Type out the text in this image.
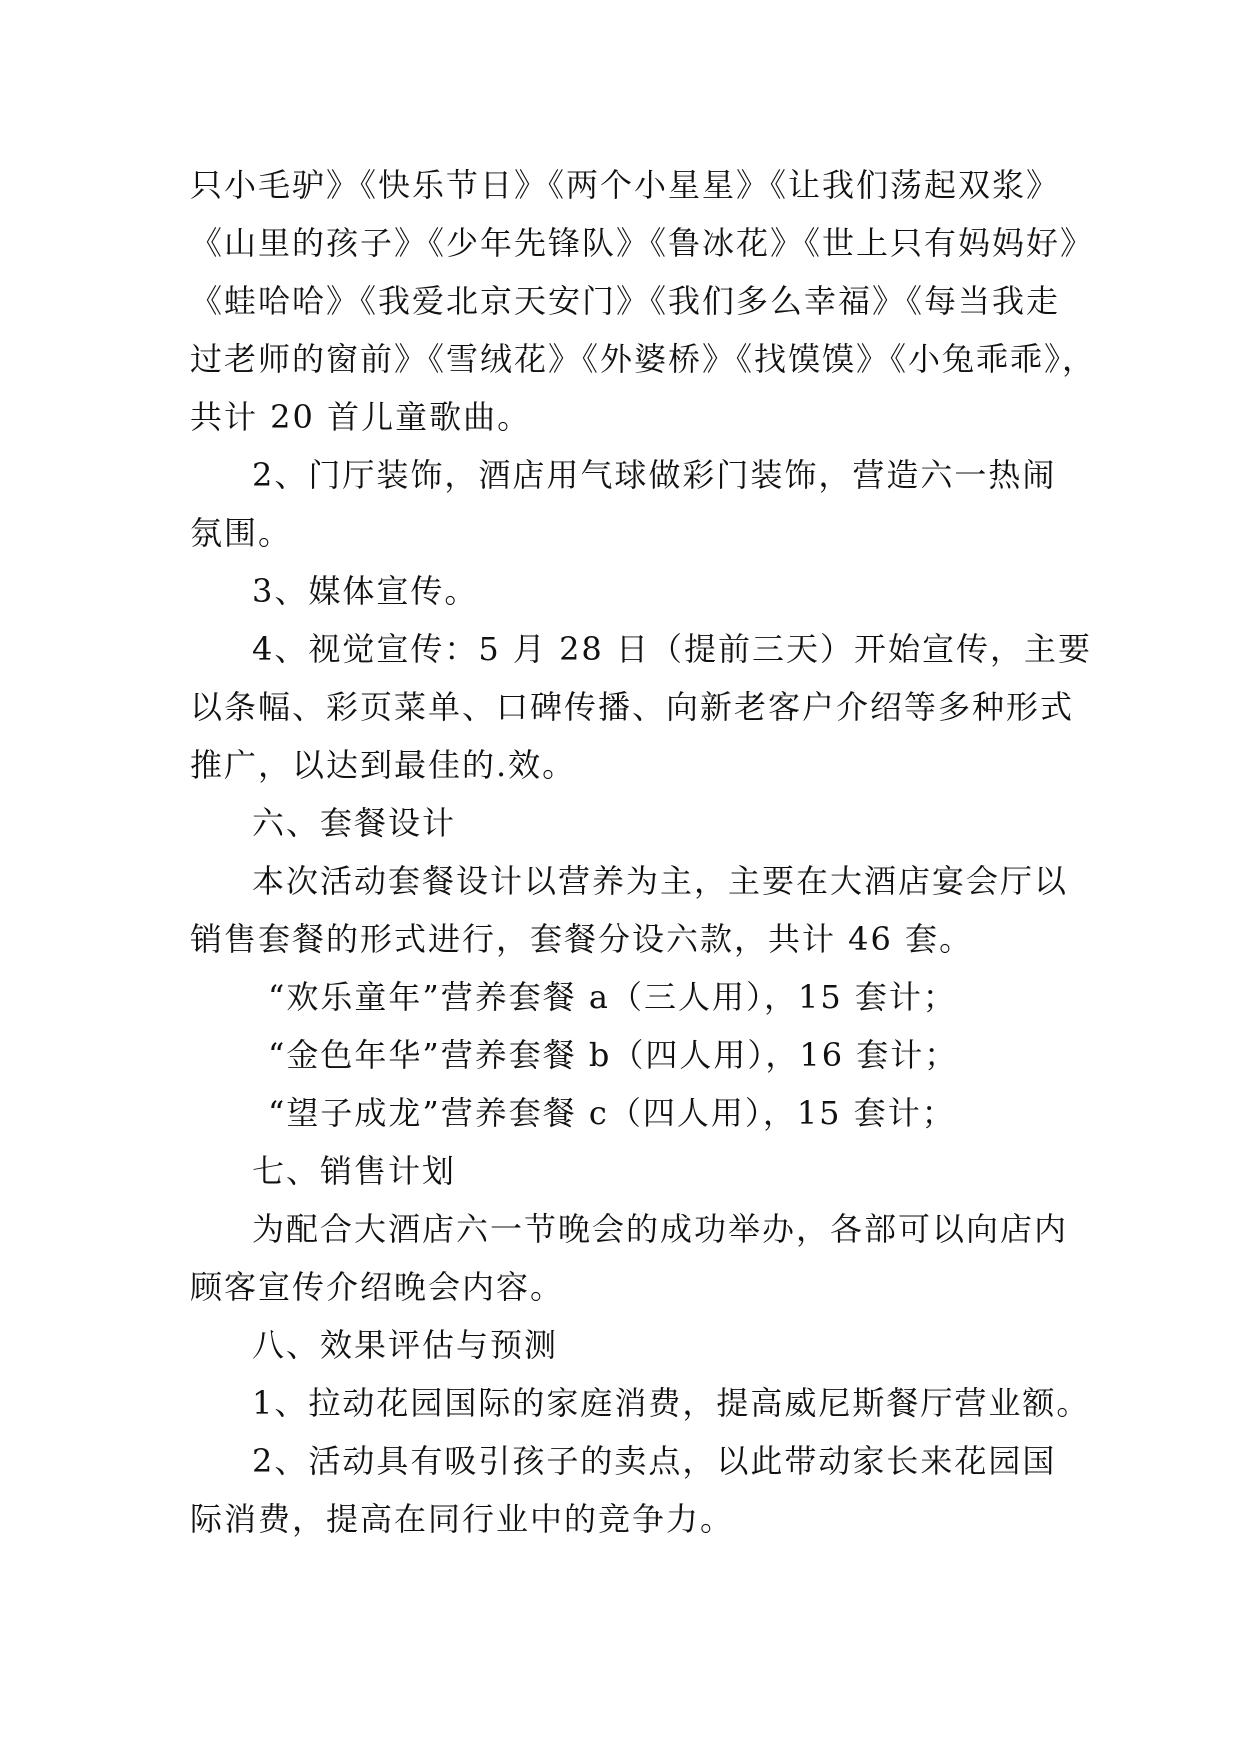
只小毛驴》《快乐节日》《两个小星星》《让我们荡起双浆》
《山里的孩子》《少年先锋队》《鲁冰花》《世上只有妈妈好》
《蛙哈哈》《我爱北京天安门》《我们多么幸福》《每当我走
过老师的窗前》《雪绒花》《外婆桥》《找馍馍》《小兔乖乖》，
共计 20 首儿童歌曲。
2、门厅装饰，酒店用气球做彩门装饰，营造六一热闹
氛围。
3、媒体宣传。
4、视觉宣传：5 月 28 日（提前三天）开始宣传，主要
以条幅、彩页菜单、口碑传播、向新老客户介绍等多种形式
推广，以达到最佳的.效。
六、套餐设计
本次活动套餐设计以营养为主，主要在大酒店宴会厅以
销售套餐的形式进行，套餐分设六款，共计 46 套。
“欢乐童年”营养套餐 a（三人用），15 套计；
“金色年华”营养套餐 b（四人用），16 套计；
“望子成龙”营养套餐 c（四人用），15 套计；
七、销售计划
为配合大酒店六一节晚会的成功举办，各部可以向店内
顾客宣传介绍晚会内容。
八、效果评估与预测
1、拉动花园国际的家庭消费，提高威尼斯餐厅营业额。
2、活动具有吸引孩子的卖点，以此带动家长来花园国
际消费，提高在同行业中的竞争力。
